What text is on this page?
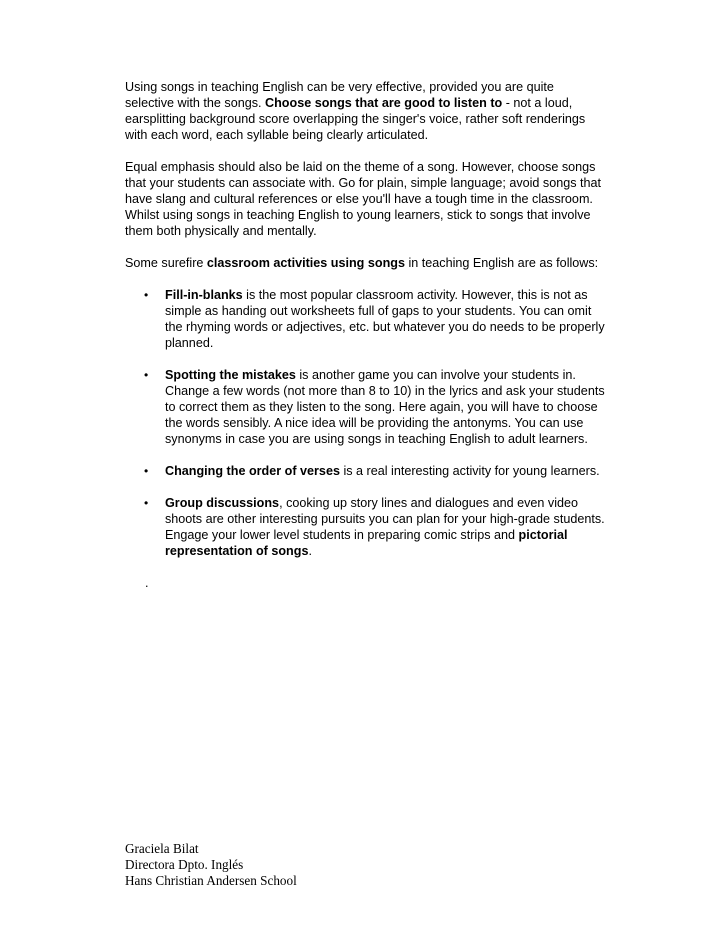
Using songs in teaching English can be very effective, provided you are quite selective with the songs. Choose songs that are good to listen to - not a loud, earsplitting background score overlapping the singer's voice, rather soft renderings with each word, each syllable being clearly articulated.

Equal emphasis should also be laid on the theme of a song. However, choose songs that your students can associate with. Go for plain, simple language; avoid songs that have slang and cultural references or else you'll have a tough time in the classroom. Whilst using songs in teaching English to young learners, stick to songs that involve them both physically and mentally.

Some surefire classroom activities using songs in teaching English are as follows:

• Fill-in-blanks is the most popular classroom activity. However, this is not as simple as handing out worksheets full of gaps to your students. You can omit the rhyming words or adjectives, etc. but whatever you do needs to be properly planned.
• Spotting the mistakes is another game you can involve your students in. Change a few words (not more than 8 to 10) in the lyrics and ask your students to correct them as they listen to the song. Here again, you will have to choose the words sensibly. A nice idea will be providing the antonyms. You can use synonyms in case you are using songs in teaching English to adult learners.
• Changing the order of verses is a real interesting activity for young learners.
• Group discussions, cooking up story lines and dialogues and even video shoots are other interesting pursuits you can plan for your high-grade students. Engage your lower level students in preparing comic strips and pictorial representation of songs.
.
Graciela Bilat
Directora Dpto. Inglés
Hans Christian Andersen School
